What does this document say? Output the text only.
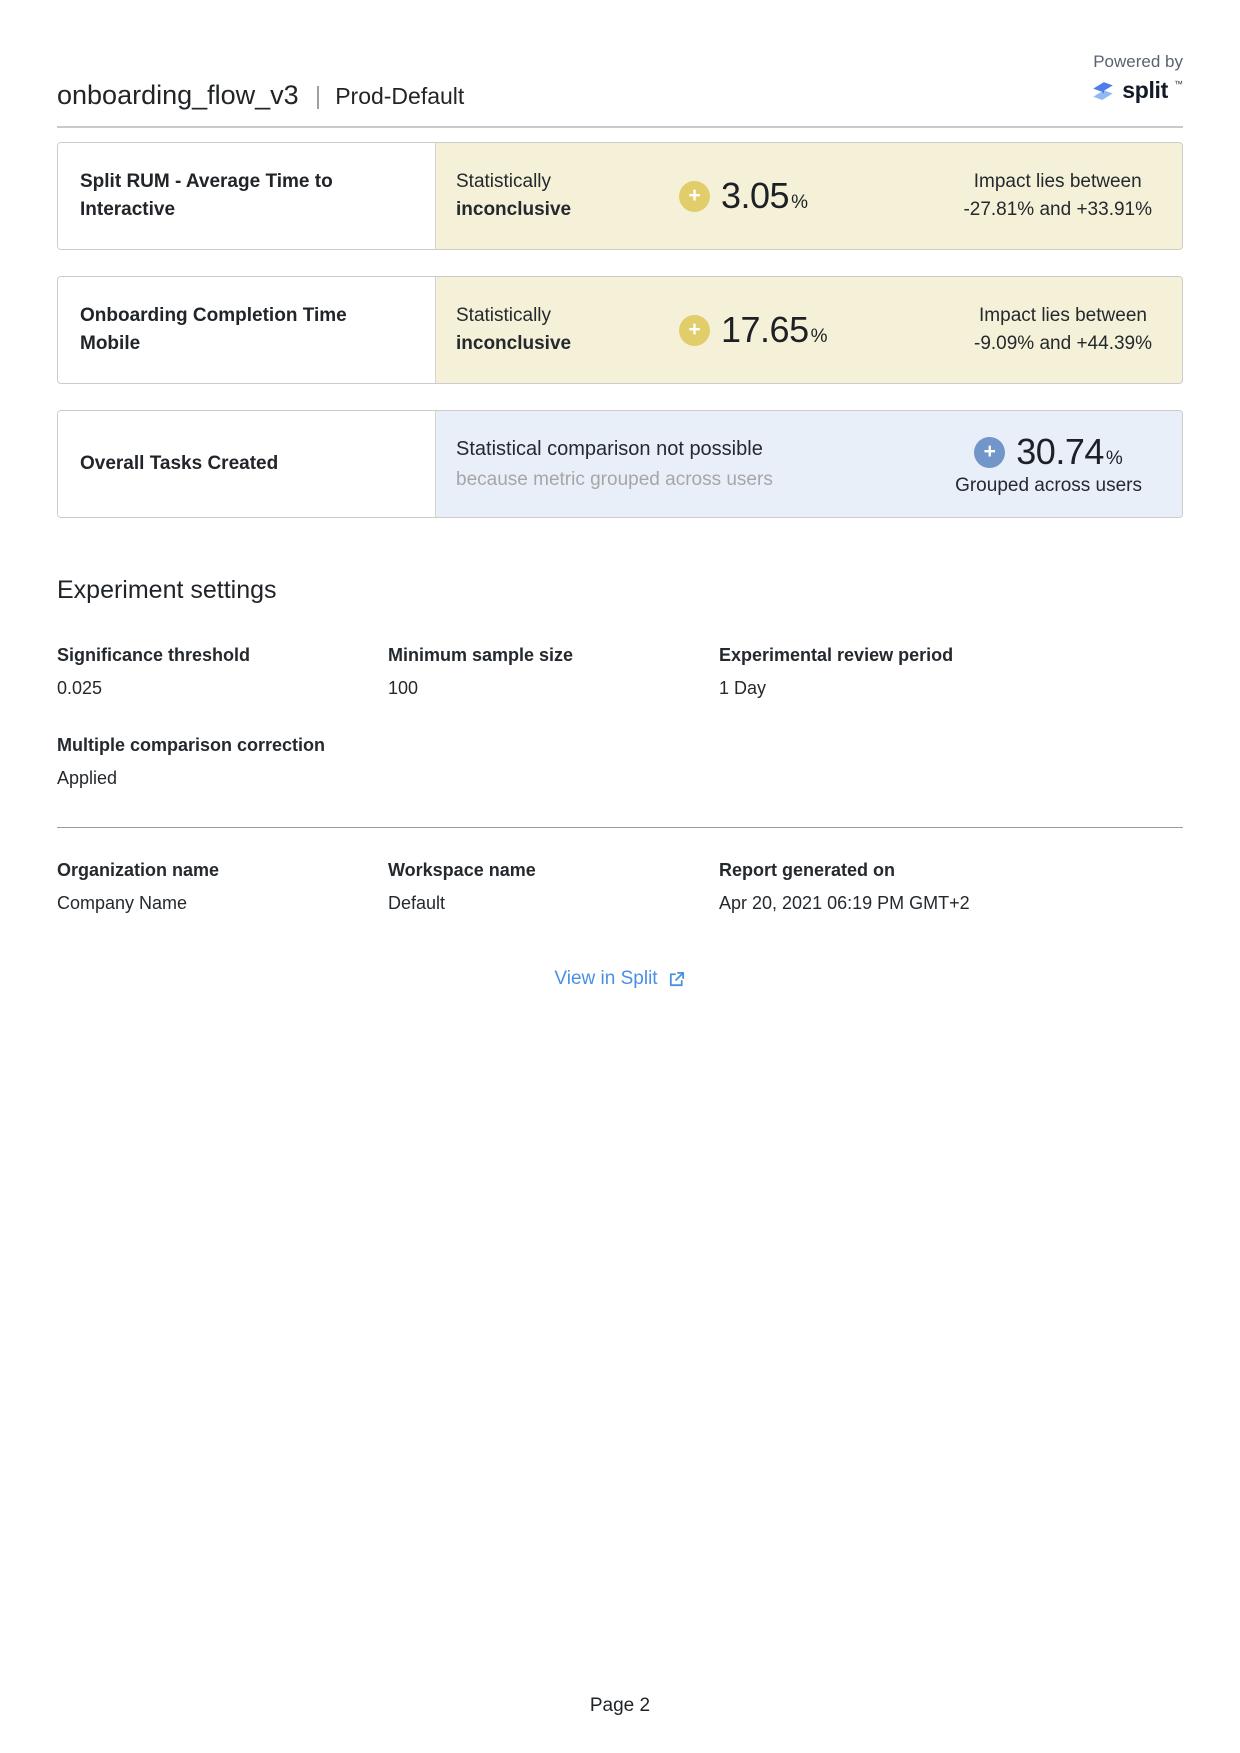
Powered by
split ™
onboarding_flow_v3 | Prod-Default
Split RUM - Average Time to Interactive
Statistically
inconclusive
+ 3.05 %
Impact lies between
-27.81% and +33.91%
Onboarding Completion Time Mobile
Statistically
inconclusive
+ 17.65 %
Impact lies between
-9.09% and +44.39%
Overall Tasks Created
Statistical comparison not possible
because metric grouped across users
+ 30.74 %
Grouped across users
Experiment settings
Significance threshold
0.025
Minimum sample size
100
Experimental review period
1 Day
Multiple comparison correction
Applied
Organization name
Company Name
Workspace name
Default
Report generated on
Apr 20, 2021 06:19 PM GMT+2
View in Split
Page 2
